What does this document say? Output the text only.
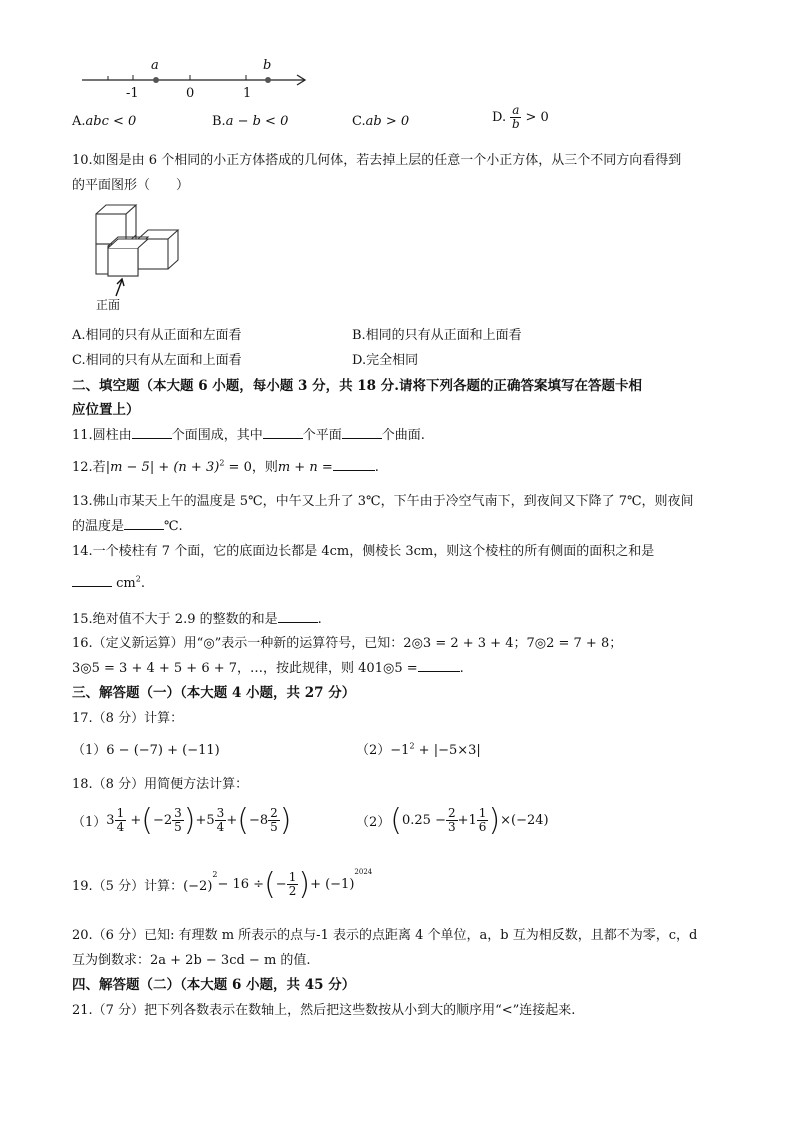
a	b
-1	0	1
A.abc < 0	B.a − b < 0	C.ab > 0	D. $\frac{a}{b} > 0$
10.如图是由 6 个相同的小正方体搭成的几何体，若去掉上层的任意一个小正方体，从三个不同方向看得到
的平面图形（　　）
正面
A.相同的只有从正面和左面看	B.相同的只有从正面和上面看
C.相同的只有从左面和上面看	D.完全相同
二、填空题（本大题 6 小题，每小题 3 分，共 18 分.请将下列各题的正确答案填写在答题卡相
应位置上）
11.圆柱由	个面围成，其中	个平面	个曲面.
12.若$|m - 5| + (n + 3)^2 = 0$，则m + n =	.
13.佛山市某天上午的温度是 5℃，中午又上升了 3℃，下午由于冷空气南下，到夜间又下降了 7℃，则夜间
的温度是	℃.
14.一个棱柱有 7 个面，它的底面边长都是 4cm，侧棱长 3cm，则这个棱柱的所有侧面的面积之和是
$cm^2$.
15.绝对值不大于 2.9 的整数的和是	.
16.（定义新运算）用“◎”表示一种新的运算符号，已知：2◎3 = 2 + 3 + 4；7◎2 = 7 + 8；
3◎5 = 3 + 4 + 5 + 6 + 7，…，按此规律，则 401◎5 =	.
三、解答题（一）（本大题 4 小题，共 27 分）
17.（8 分）计算：
（1）6 − (−7) + (−11)	$(2)-1^2 + |-5\times 3|$
18.（8 分）用简便方法计算：
（1） $3 \frac{1}{4}$ + ( $-2 \frac{3}{5}$ ) + $5 \frac{3}{4}$ + ( $-8 \frac{2}{5}$ )	（2） ( $0.25 - \frac{2}{3} +1 \frac{1}{6}$ ) ×(−24)
19.（5 分）计算：(−2)
$^2$
− 16 ÷ ( − $\frac{1}{2}$ ) + (−1)
2024
20.（6 分）已知: 有理数 m 所表示的点与-1 表示的点距离 4 个单位，a，b 互为相反数，且都不为零，c，d
互为倒数求：2a + 2b − 3cd − m 的值.
四、解答题（二）（本大题 6 小题，共 45 分）
21.（7 分）把下列各数表示在数轴上，然后把这些数按从小到大的顺序用“<”连接起来.
